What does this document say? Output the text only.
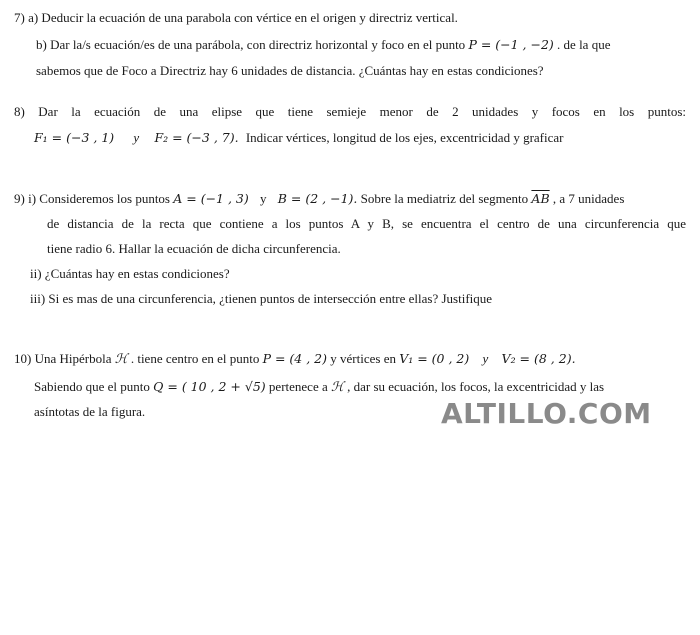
7) a) Deducir la ecuación de una parabola con vértice en el origen y directriz vertical.
b) Dar la/s ecuación/es de una parábola, con directriz horizontal y foco en el punto P = (−1 , −2) . de la que
sabemos que de Foco a Directriz hay 6 unidades de distancia. ¿Cuántas hay en estas condiciones?
8) Dar la ecuación de una elipse que tiene semieje menor de 2 unidades y focos en los puntos:
F₁ = (−3 , 1) y F₂ = (−3 , 7). Indicar vértices, longitud de los ejes, excentricidad y graficar
9) i) Consideremos los puntos A = (−1 , 3) y B = (2 , −1). Sobre la mediatriz del segmento $\overline{AB}$ , a 7 unidades
de distancia de la recta que contiene a los puntos A y B, se encuentra el centro de una circunferencia que
tiene radio 6. Hallar la ecuación de dicha circunferencia.
ii) ¿Cuántas hay en estas condiciones?
iii) Si es mas de una circunferencia, ¿tienen puntos de intersección entre ellas? Justifique
10) Una Hipérbola ℋ . tiene centro en el punto P = (4 , 2) y vértices en V₁ = (0 , 2) y V₂ = (8 , 2).
Sabiendo que el punto Q = ( 10 , 2 + √5) pertenece a ℋ , dar su ecuación, los focos, la excentricidad y las
asíntotas de la figura.	ALTILLO.COM
